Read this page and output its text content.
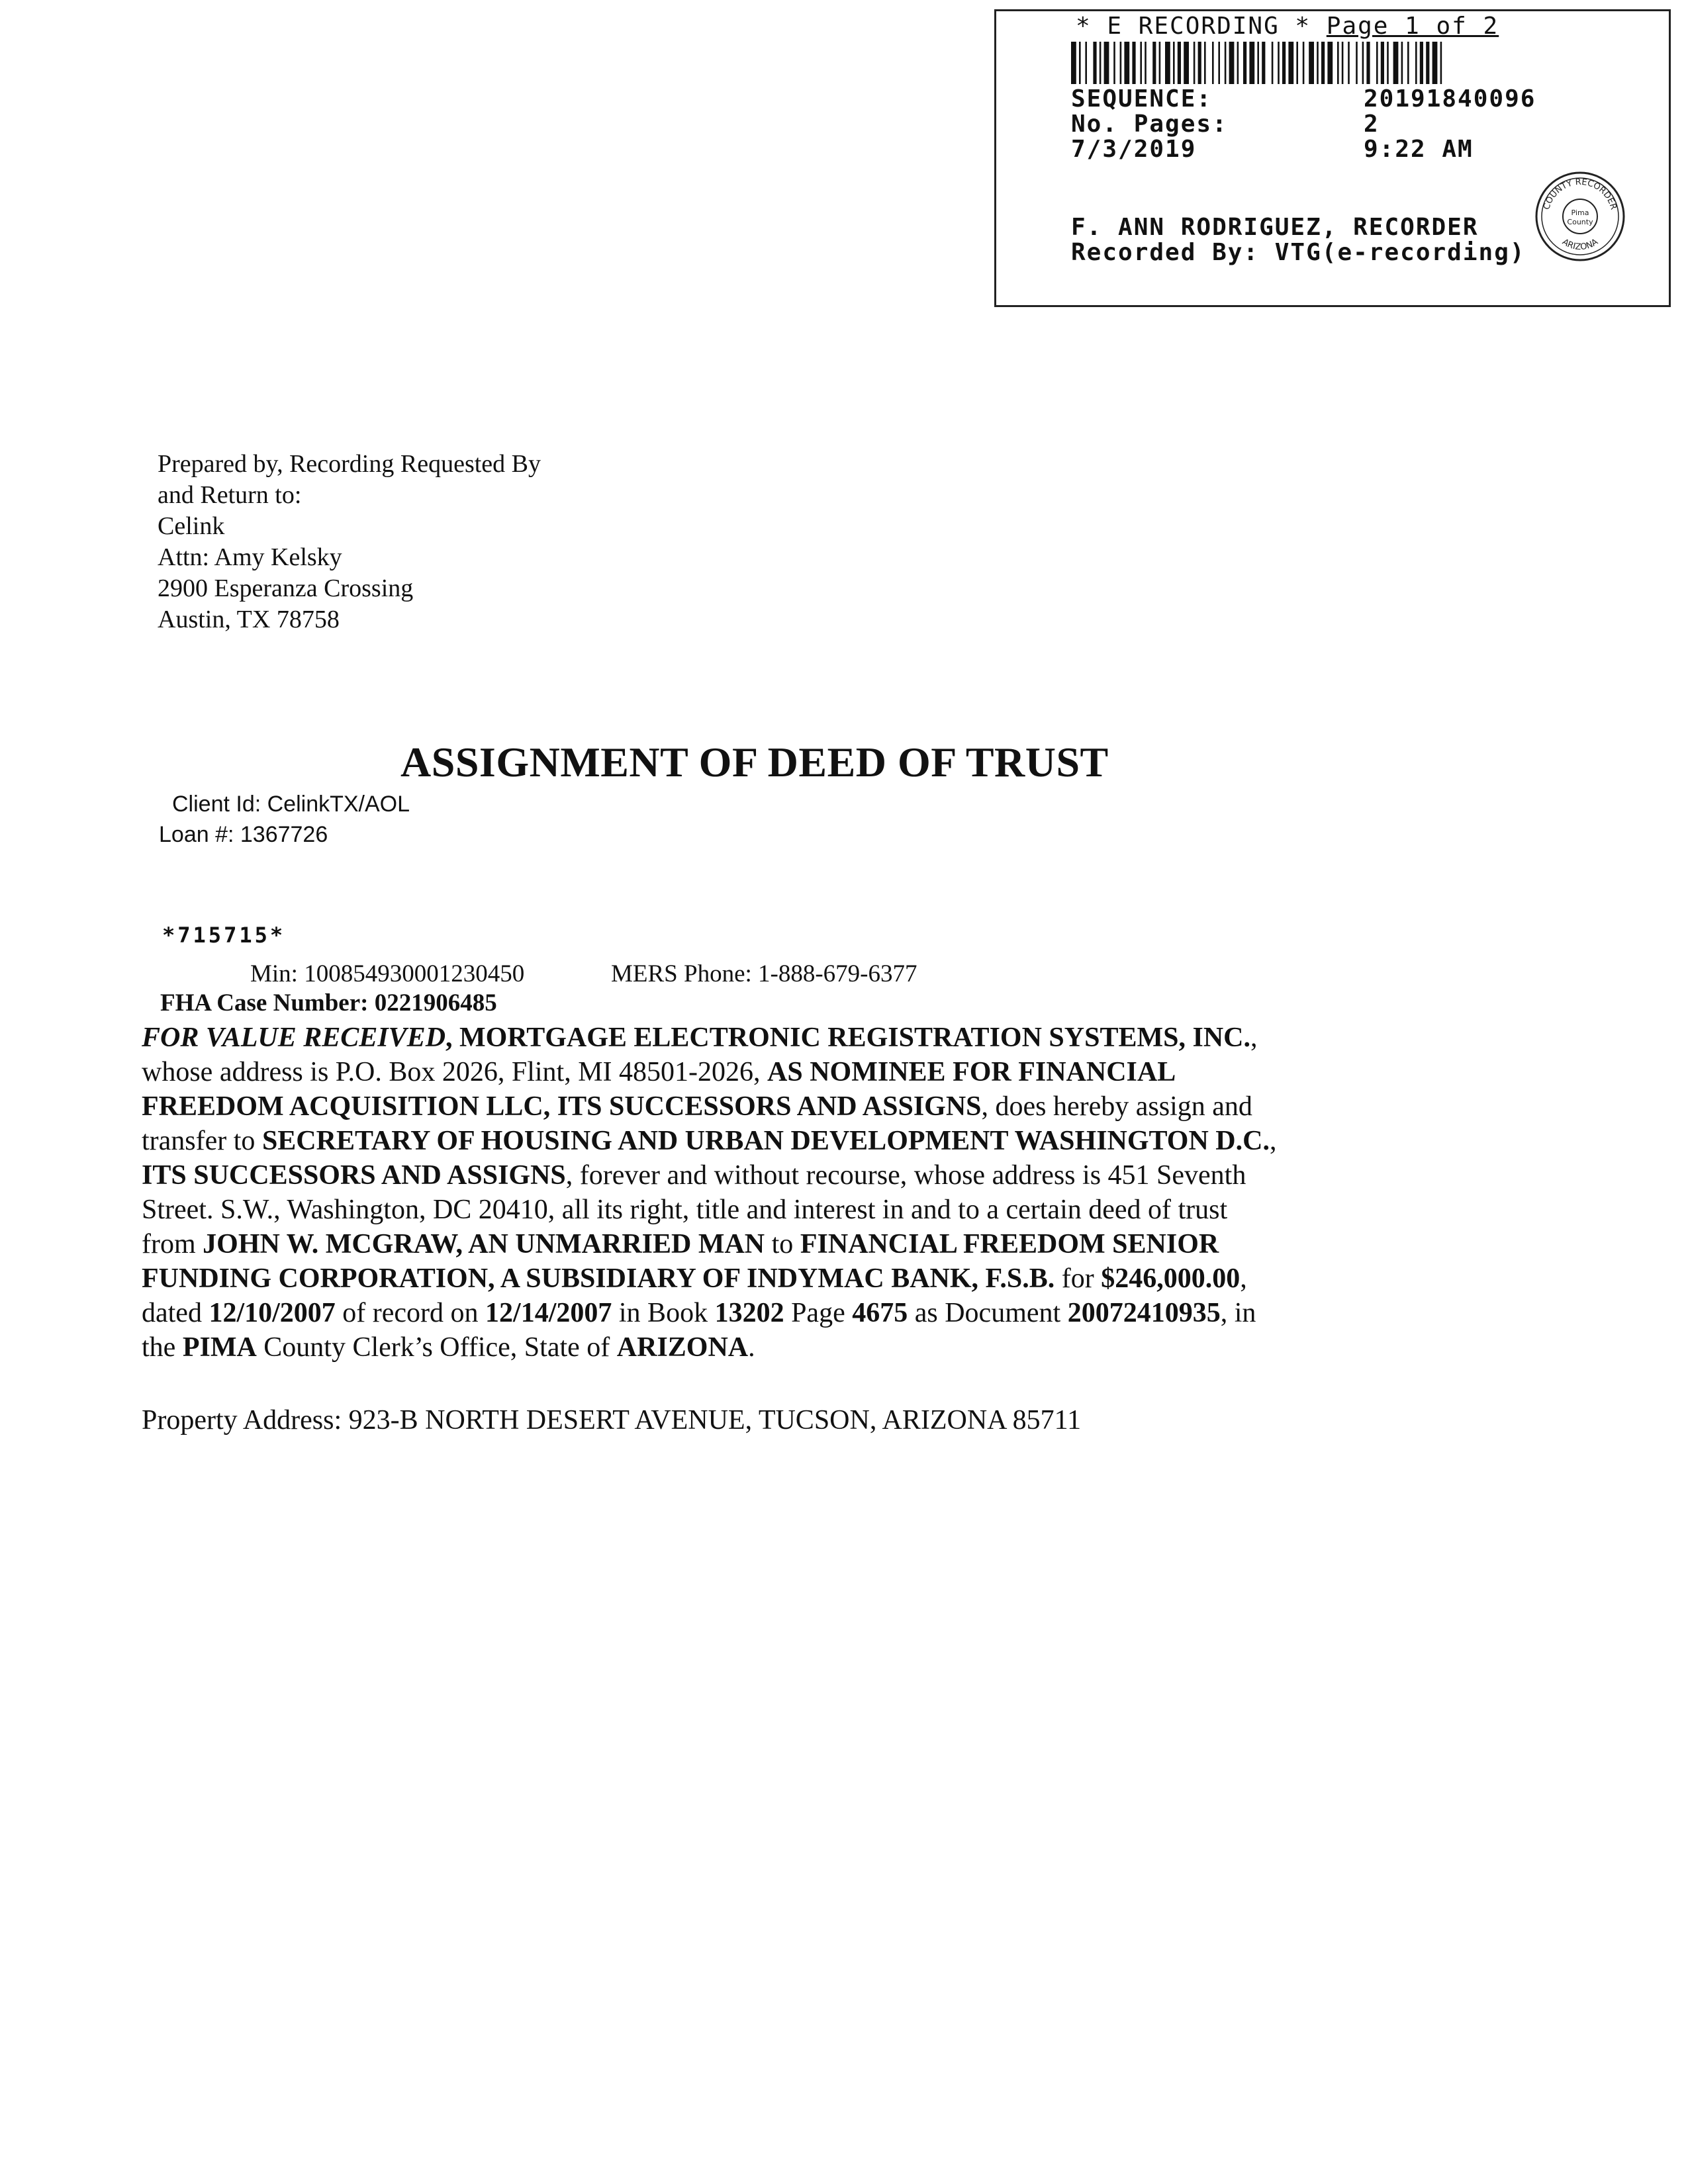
* E RECORDING * Page 1 of 2
SEQUENCE:	20191840096
No. Pages:	2
7/3/2019	9:22 AM
F. ANN RODRIGUEZ, RECORDER
Recorded By: VTG(e-recording)
COUNTY RECORDER
ARIZONA
Pima
County
Prepared by, Recording Requested By
and Return to:
Celink
Attn: Amy Kelsky
2900 Esperanza Crossing
Austin, TX 78758
ASSIGNMENT OF DEED OF TRUST
Client Id: CelinkTX/AOL
Loan #: 1367726
*715715*
Min: 100854930001230450	MERS Phone: 1-888-679-6377
FHA Case Number: 0221906485
FOR VALUE RECEIVED, MORTGAGE ELECTRONIC REGISTRATION SYSTEMS, INC.,
whose address is P.O. Box 2026, Flint, MI 48501-2026, AS NOMINEE FOR FINANCIAL
FREEDOM ACQUISITION LLC, ITS SUCCESSORS AND ASSIGNS, does hereby assign and
transfer to SECRETARY OF HOUSING AND URBAN DEVELOPMENT WASHINGTON D.C.,
ITS SUCCESSORS AND ASSIGNS, forever and without recourse, whose address is 451 Seventh
Street. S.W., Washington, DC 20410, all its right, title and interest in and to a certain deed of trust
from JOHN W. MCGRAW, AN UNMARRIED MAN to FINANCIAL FREEDOM SENIOR
FUNDING CORPORATION, A SUBSIDIARY OF INDYMAC BANK, F.S.B. for $246,000.00,
dated 12/10/2007 of record on 12/14/2007 in Book 13202 Page 4675 as Document 20072410935, in
the PIMA County Clerk’s Office, State of ARIZONA.
Property Address: 923-B NORTH DESERT AVENUE, TUCSON, ARIZONA 85711
